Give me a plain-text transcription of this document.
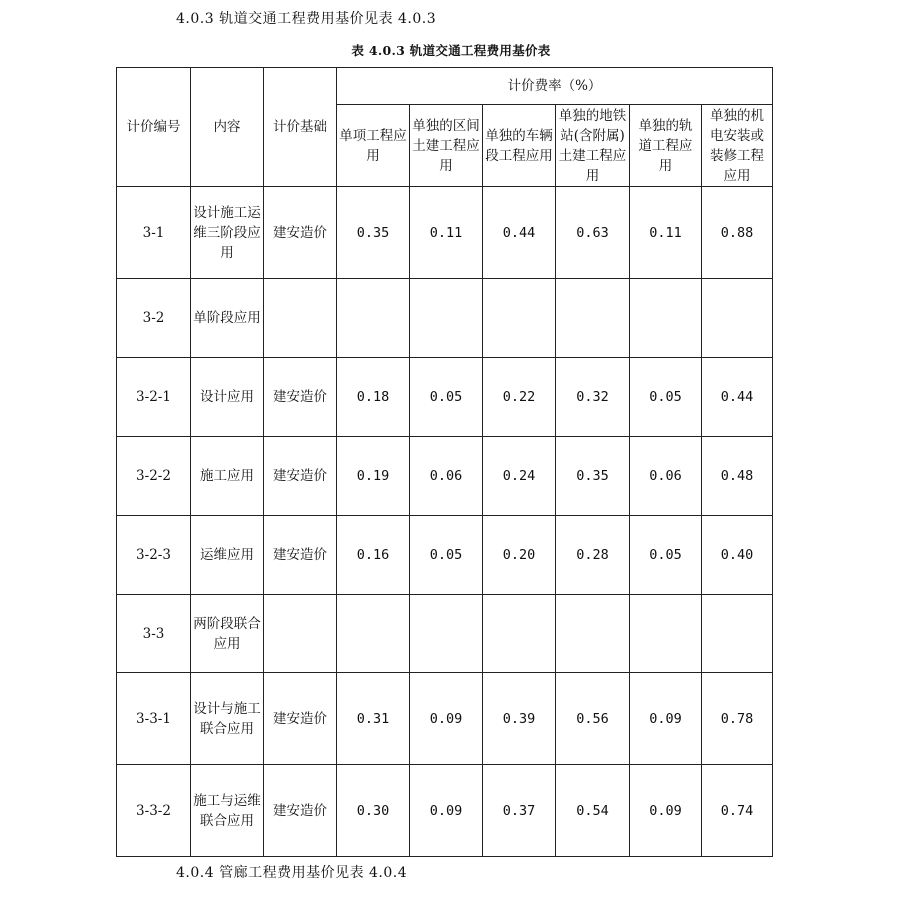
4.0.3 轨道交通工程费用基价见表 4.0.3
表 4.0.3 轨道交通工程费用基价表
计价编号	内容	计价基础	计价费率（%）					
			单项工程应用	单独的区间土建工程应用	单独的车辆段工程应用	单独的地铁站(含附属)土建工程应用	单独的轨道工程应用	单独的机电安装或装修工程应用
3-1	设计施工运维三阶段应用	建安造价	0.35	0.11	0.44	0.63	0.11	0.88
3-2	单阶段应用							
3-2-1	设计应用	建安造价	0.18	0.05	0.22	0.32	0.05	0.44
3-2-2	施工应用	建安造价	0.19	0.06	0.24	0.35	0.06	0.48
3-2-3	运维应用	建安造价	0.16	0.05	0.20	0.28	0.05	0.40
3-3	两阶段联合应用							
3-3-1	设计与施工联合应用	建安造价	0.31	0.09	0.39	0.56	0.09	0.78
3-3-2	施工与运维联合应用	建安造价	0.30	0.09	0.37	0.54	0.09	0.74
4.0.4 管廊工程费用基价见表 4.0.4
